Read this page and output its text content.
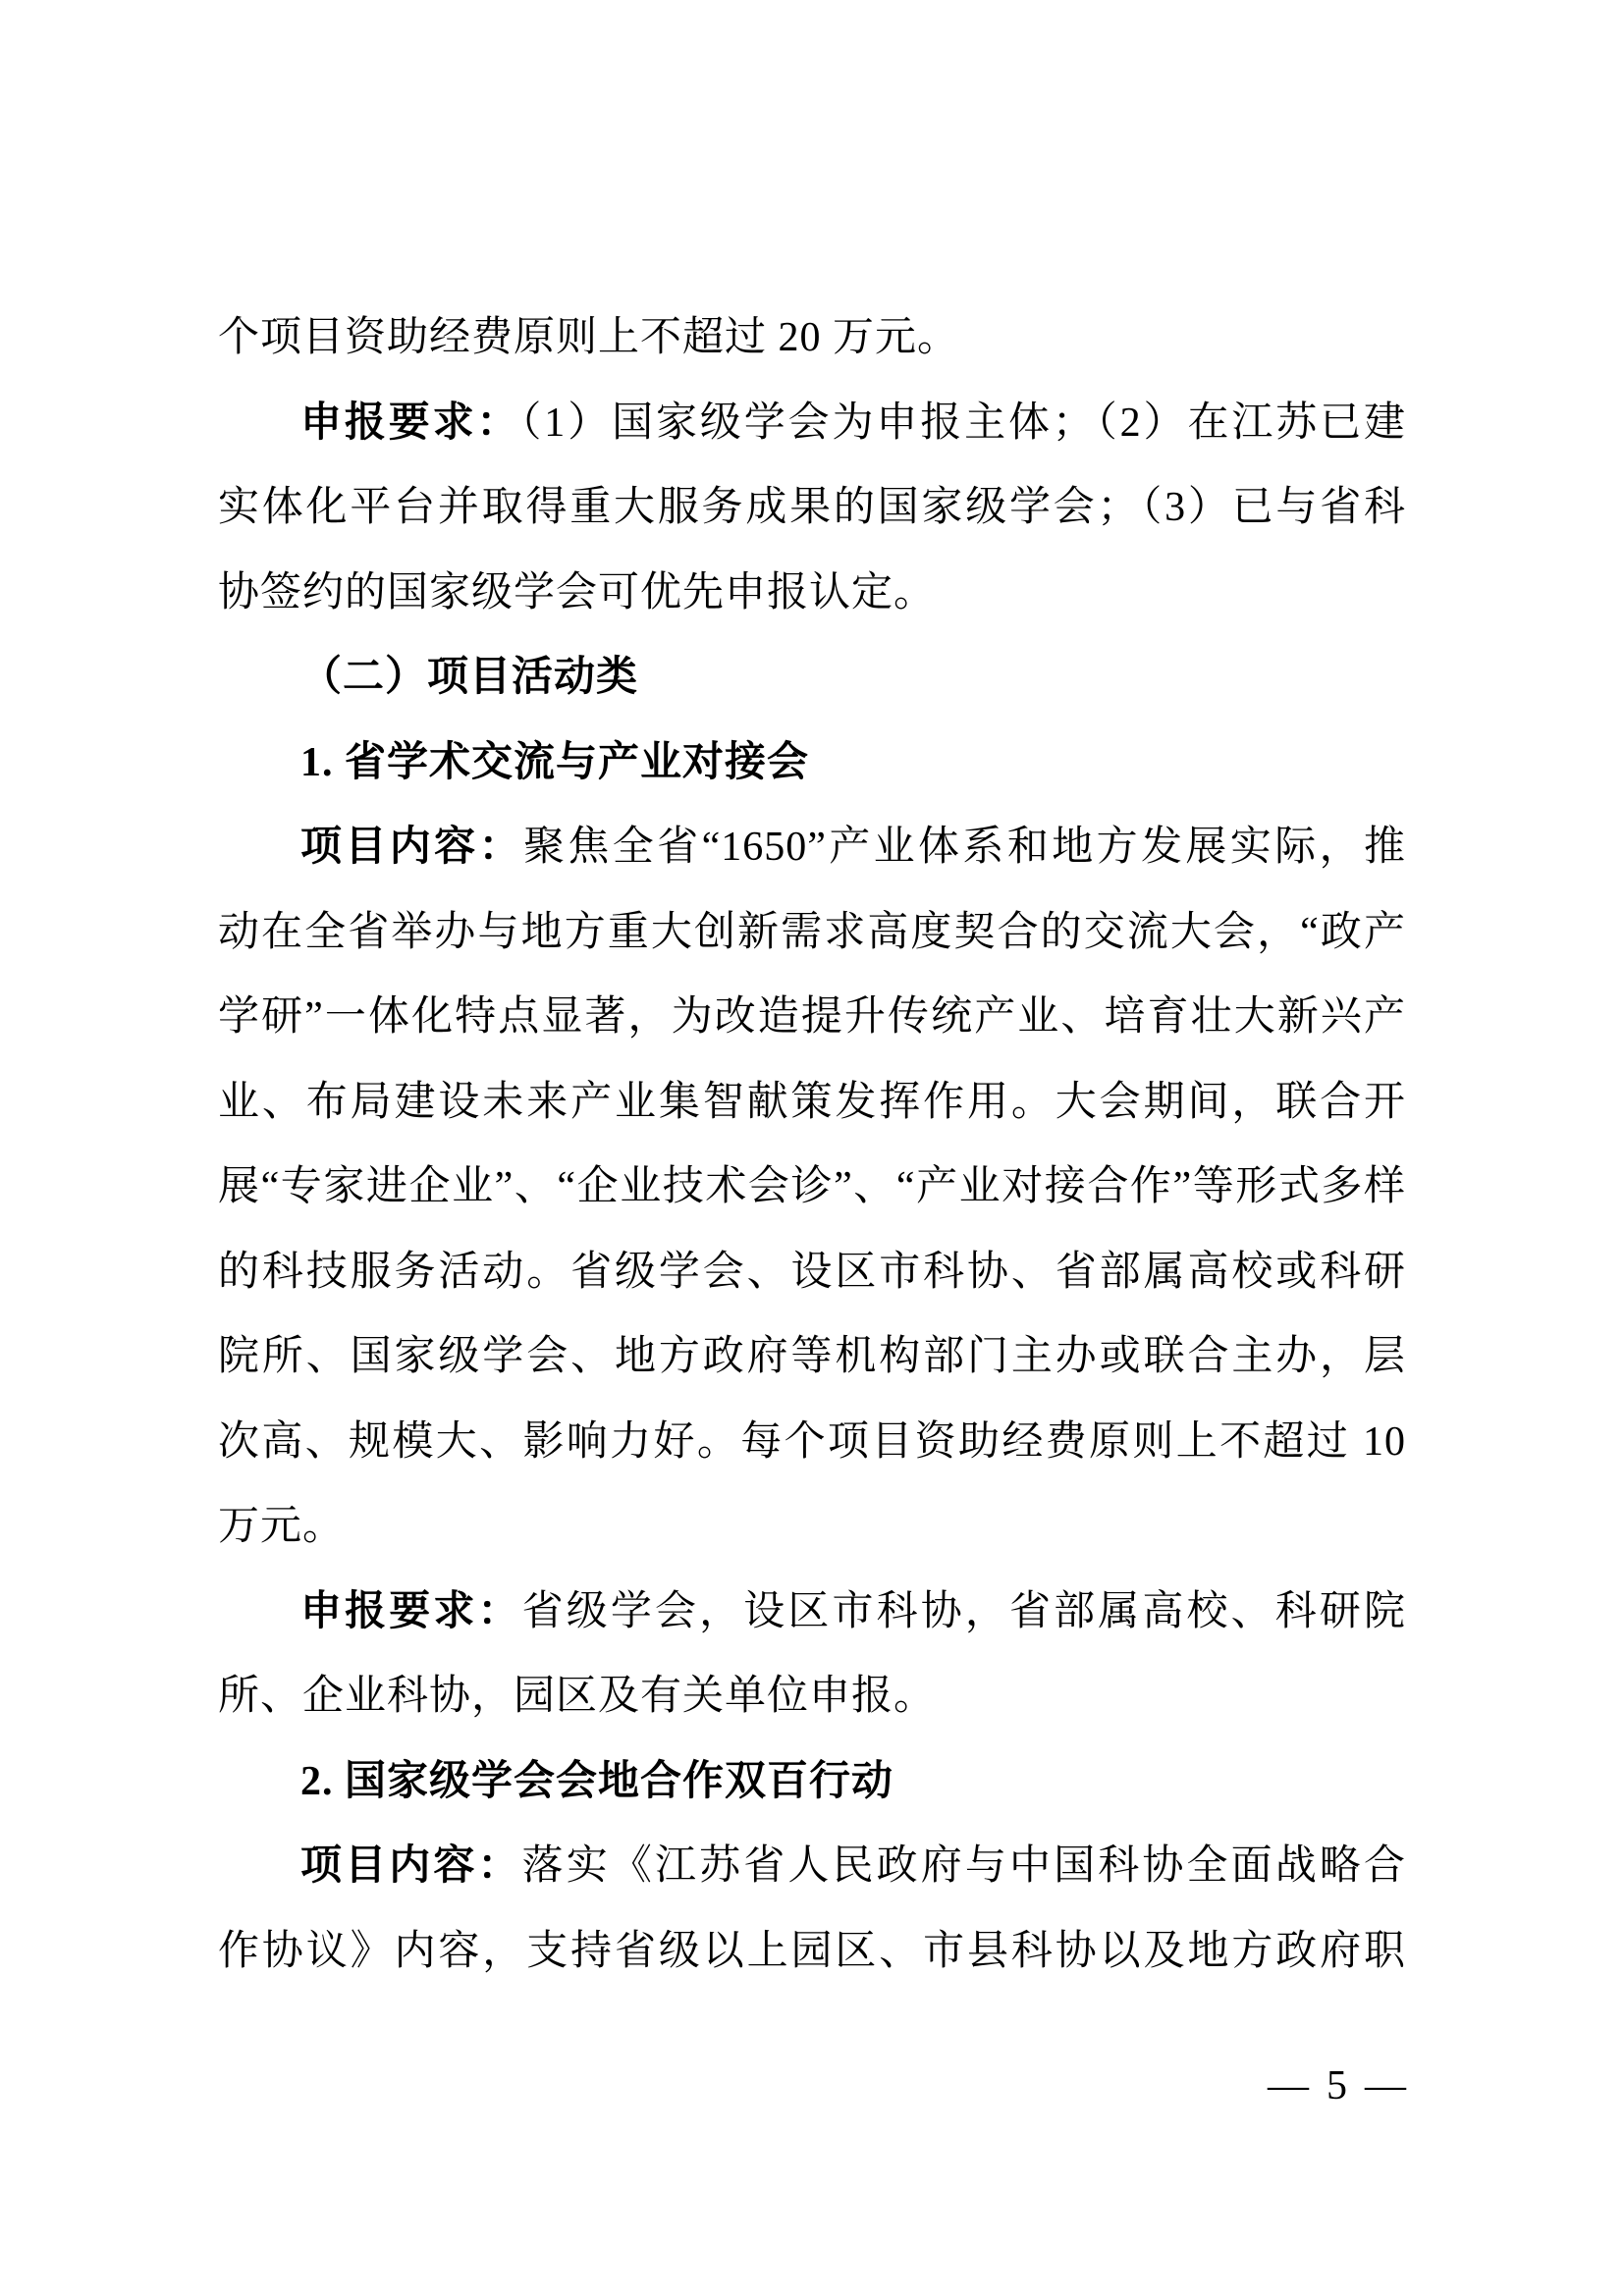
个项目资助经费原则上不超过 20 万元。
申报要求：（1）国家级学会为申报主体；（2）在江苏已建
实体化平台并取得重大服务成果的国家级学会；（3）已与省科
协签约的国家级学会可优先申报认定。
（二）项目活动类
1. 省学术交流与产业对接会
项目内容：聚焦全省“1650”产业体系和地方发展实际，推
动在全省举办与地方重大创新需求高度契合的交流大会，“政产
学研”一体化特点显著，为改造提升传统产业、培育壮大新兴产
业、布局建设未来产业集智献策发挥作用。大会期间，联合开
展“专家进企业”、“企业技术会诊”、“产业对接合作”等形式多样
的科技服务活动。省级学会、设区市科协、省部属高校或科研
院所、国家级学会、地方政府等机构部门主办或联合主办，层
次高、规模大、影响力好。每个项目资助经费原则上不超过 10
万元。
申报要求：省级学会，设区市科协，省部属高校、科研院
所、企业科协，园区及有关单位申报。
2. 国家级学会会地合作双百行动
项目内容：落实《江苏省人民政府与中国科协全面战略合
作协议》内容，支持省级以上园区、市县科协以及地方政府职
— 5 —
